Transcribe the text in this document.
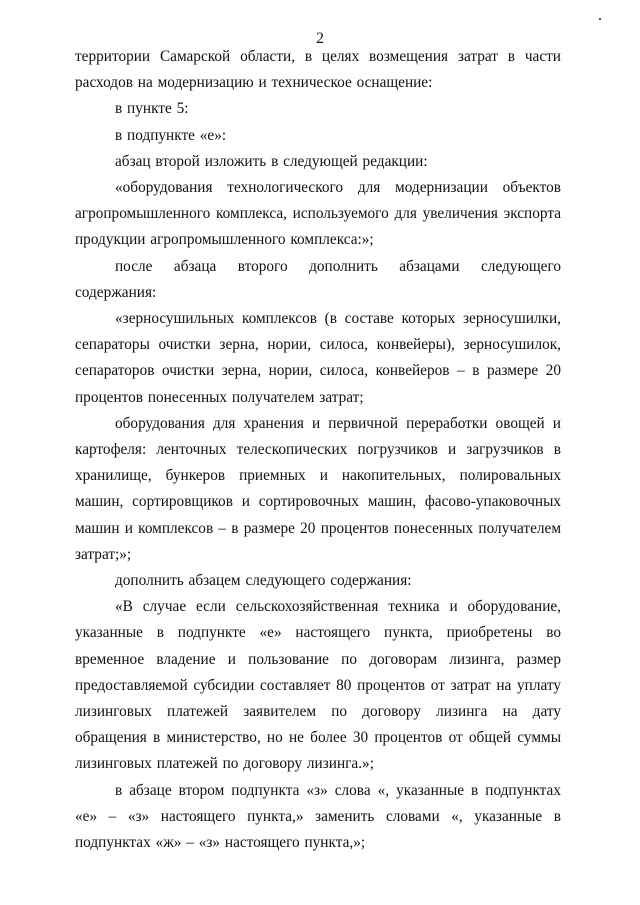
2

территории Самарской области, в целях возмещения затрат в части расходов на модернизацию и техническое оснащение:

в пункте 5:

в подпункте «е»:

абзац второй изложить в следующей редакции:

«оборудования технологического для модернизации объектов агропромышленного комплекса, используемого для увеличения экспорта продукции агропромышленного комплекса:»;

после абзаца второго дополнить абзацами следующего содержания:

«зерносушильных комплексов (в составе которых зерносушилки, сепараторы очистки зерна, нории, силоса, конвейеры), зерносушилок, сепараторов очистки зерна, нории, силоса, конвейеров – в размере 20 процентов понесенных получателем затрат;

оборудования для хранения и первичной переработки овощей и картофеля: ленточных телескопических погрузчиков и загрузчиков в хранилище, бункеров приемных и накопительных, полировальных машин, сортировщиков и сортировочных машин, фасово-упаковочных машин и комплексов – в размере 20 процентов понесенных получателем затрат;»;

дополнить абзацем следующего содержания:

«В случае если сельскохозяйственная техника и оборудование, указанные в подпункте «е» настоящего пункта, приобретены во временное владение и пользование по договорам лизинга, размер предоставляемой субсидии составляет 80 процентов от затрат на уплату лизинговых платежей заявителем по договору лизинга на дату обращения в министерство, но не более 30 процентов от общей суммы лизинговых платежей по договору лизинга.»;

в абзаце втором подпункта «з» слова «, указанные в подпунктах «е» – «з» настоящего пункта,» заменить словами «, указанные в подпунктах «ж» – «з» настоящего пункта,»;
